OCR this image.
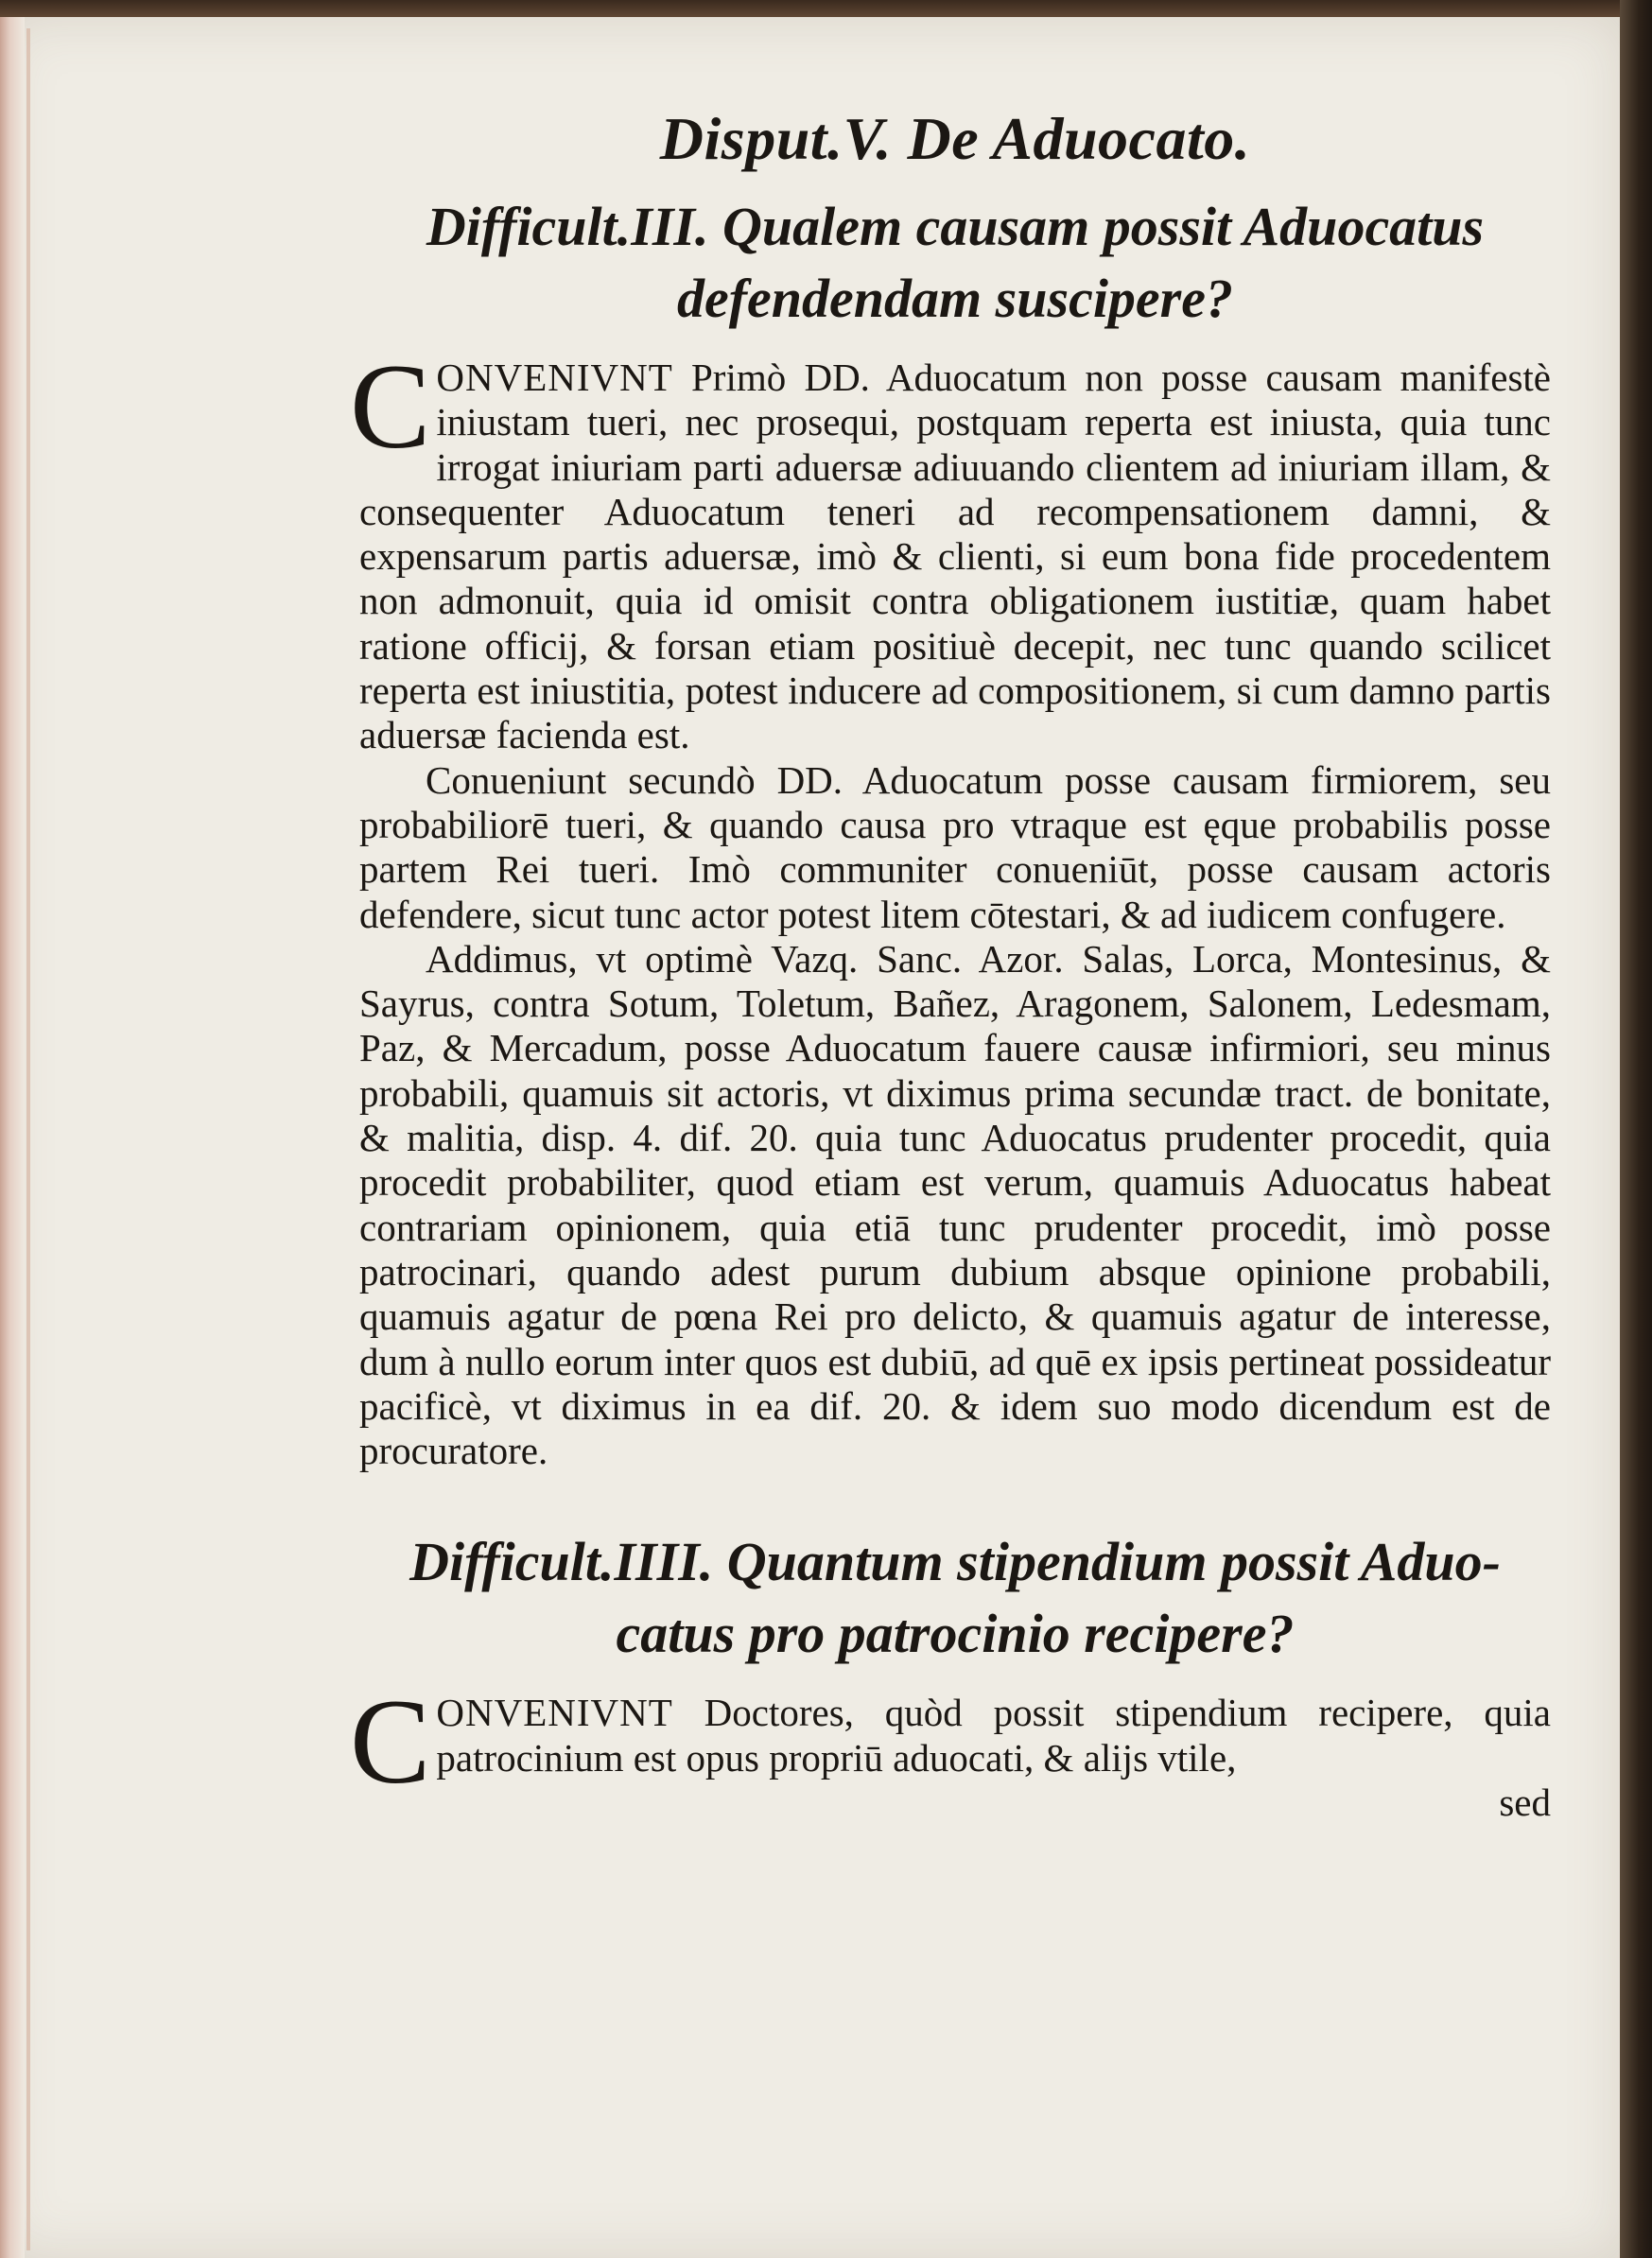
Disput.V. De Aduocato.
Difficult.III. Qualem causam possit Aduocatus
defendendam suscipere?

CONVENIVNT Primò DD. Aduocatum non posse causam manifestè iniustam tueri, nec prosequi, postquam reperta est iniusta, quia tunc irrogat iniuriam parti aduersæ adiuuando clientem ad iniuriam illam, & consequenter Aduocatum teneri ad recompensationem damni, & expensarum partis aduersæ, imò & clienti, si eum bona fide procedentem non admonuit, quia id omisit contra obligationem iustitiæ, quam habet ratione officij, & forsan etiam positiuè decepit, nec tunc quando scilicet reperta est iniustitia, potest inducere ad compositionem, si cum damno partis aduersæ facienda est.

Conueniunt secundò DD. Aduocatum posse causam firmiorem, seu probabiliorē tueri, & quando causa pro vtraque est ęque probabilis posse partem Rei tueri. Imò communiter conueniūt, posse causam actoris defendere, sicut tunc actor potest litem cōtestari, & ad iudicem confugere.

Addimus, vt optimè Vazq. Sanc. Azor. Salas, Lorca, Montesinus, & Sayrus, contra Sotum, Toletum, Bañez, Aragonem, Salonem, Ledesmam, Paz, & Mercadum, posse Aduocatum fauere causæ infirmiori, seu minus probabili, quamuis sit actoris, vt diximus prima secundæ tract. de bonitate, & malitia, disp. 4. dif. 20. quia tunc Aduocatus prudenter procedit, quia procedit probabiliter, quod etiam est verum, quamuis Aduocatus habeat contrariam opinionem, quia etiā tunc prudenter procedit, imò posse patrocinari, quando adest purum dubium absque opinione probabili, quamuis agatur de pœna Rei pro delicto, & quamuis agatur de interesse, dum à nullo eorum inter quos est dubiū, ad quē ex ipsis pertineat possideatur pacificè, vt diximus in ea dif. 20. & idem suo modo dicendum est de procuratore.

Difficult.IIII. Quantum stipendium possit Aduo-
catus pro patrocinio recipere?

CONVENIVNT Doctores, quòd possit stipendium recipere, quia patrocinium est opus propriū aduocati, & alijs vtile,

sed
